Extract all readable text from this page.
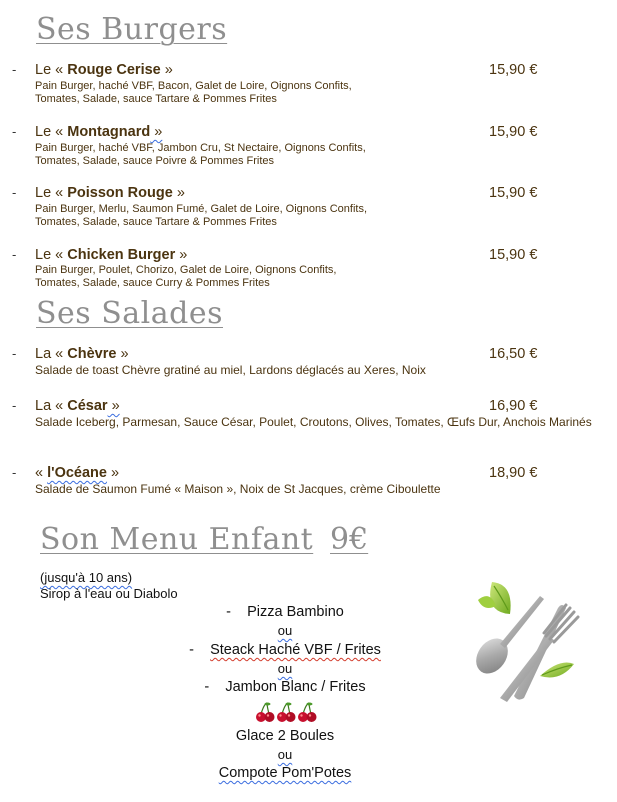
Ses Burgers
- Le « Rouge Cerise »	15,90 €
Pain Burger, haché VBF, Bacon, Galet de Loire, Oignons Confits,
Tomates, Salade, sauce Tartare & Pommes Frites
- Le « Montagnard »	15,90 €
Pain Burger, haché VBF, Jambon Cru, St Nectaire, Oignons Confits,
Tomates, Salade, sauce Poivre & Pommes Frites
- Le « Poisson Rouge »	15,90 €
Pain Burger, Merlu, Saumon Fumé, Galet de Loire, Oignons Confits,
Tomates, Salade, sauce Tartare & Pommes Frites
- Le « Chicken Burger »	15,90 €
Pain Burger, Poulet, Chorizo, Galet de Loire, Oignons Confits,
Tomates, Salade, sauce Curry & Pommes Frites
Ses Salades
- La « Chèvre »	16,50 €
Salade de toast Chèvre gratiné au miel, Lardons déglacés au Xeres, Noix
- La « César »	16,90 €
Salade Iceberg, Parmesan, Sauce César, Poulet, Croutons, Olives, Tomates, Œufs Dur, Anchois Marinés
- « l'Océane »	18,90 €
Salade de Saumon Fumé « Maison », Noix de St Jacques, crème Ciboulette
Son Menu Enfant 9€
(jusqu'à 10 ans)
Sirop à l'eau ou Diabolo
- Pizza Bambino
ou
- Steack Haché VBF / Frites
ou
- Jambon Blanc / Frites
Glace 2 Boules
ou
Compote Pom'Potes
